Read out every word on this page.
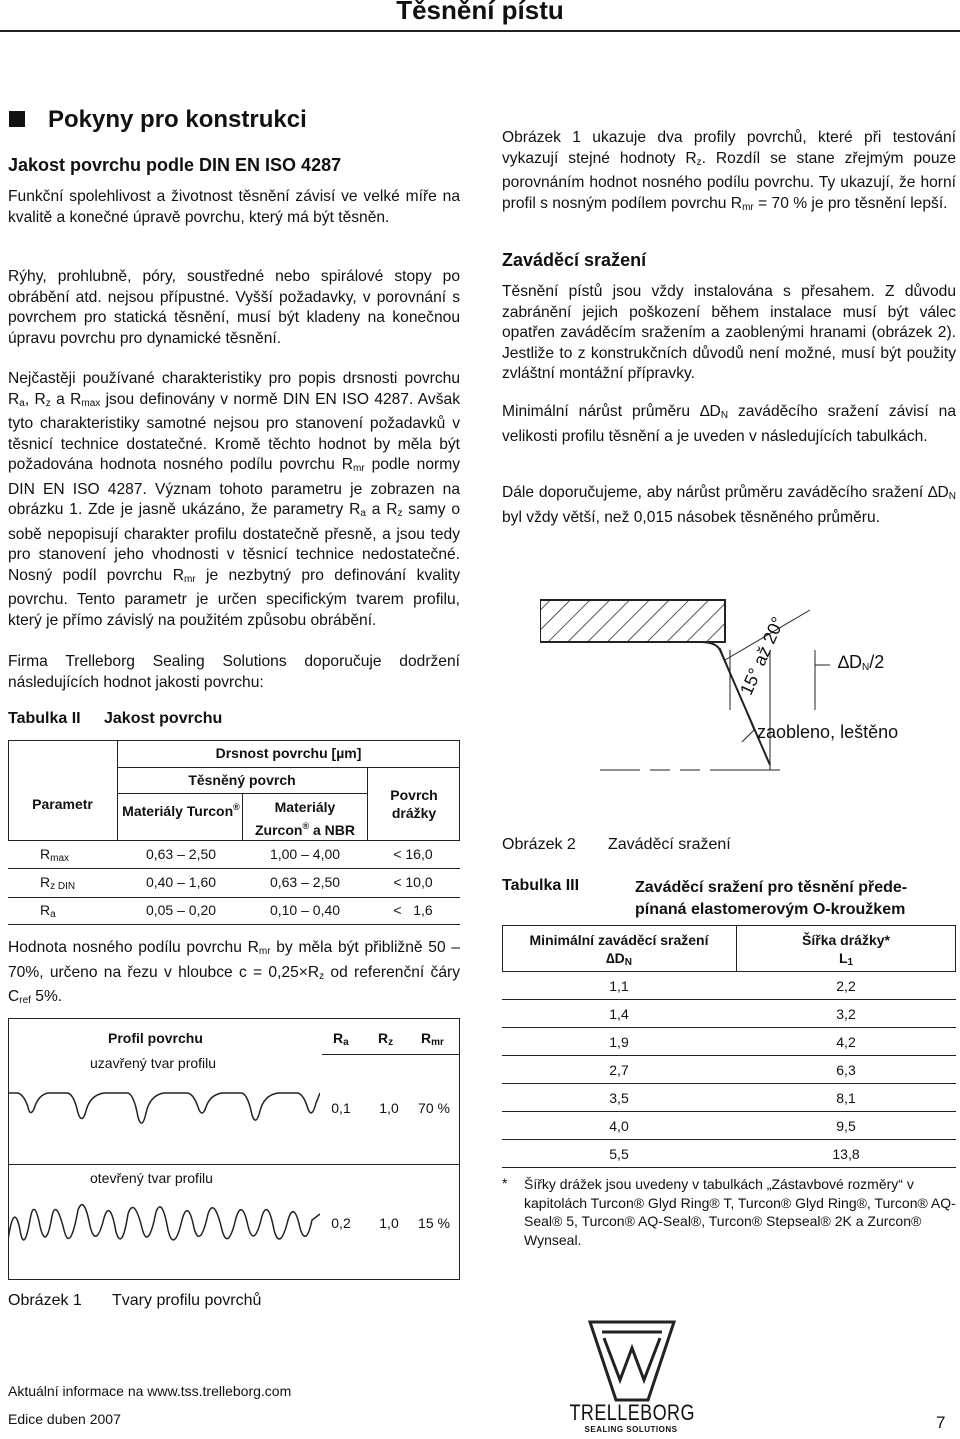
Těsnění pístu
Pokyny pro konstrukci
Jakost povrchu podle DIN EN ISO 4287

Funkční spolehlivost a životnost těsnění závisí ve velké míře na kvalitě a konečné úpravě povrchu, který má být těsněn.

Rýhy, prohlubně, póry, soustředné nebo spirálové stopy po obrábění atd. nejsou přípustné. Vyšší požadavky, v porovnání s povrchem pro statická těsnění, musí být kladeny na konečnou úpravu povrchu pro dynamické těsnění.

Nejčastěji používané charakteristiky pro popis drsnosti povrchu $R_a$, $R_z$ a $R_{max}$ jsou definovány v normě DIN EN ISO 4287. Avšak tyto charakteristiky samotné nejsou pro stanovení požadavků v těsnicí technice dostatečné. Kromě těchto hodnot by měla být požadována hodnota nosného podílu povrchu $R_{mr}$ podle normy DIN EN ISO 4287. Význam tohoto parametru je zobrazen na obrázku 1. Zde je jasně ukázáno, že parametry $R_a$ a $R_z$ samy o sobě nepopisují charakter profilu dostatečně přesně, a jsou tedy pro stanovení jeho vhodnosti v těsnicí technice nedostatečné. Nosný podíl povrchu $R_{mr}$ je nezbytný pro definování kvality povrchu. Tento parametr je určen specifickým tvarem profilu, který je přímo závislý na použitém způsobu obrábění.

Firma Trelleborg Sealing Solutions doporučuje dodržení následujících hodnot jakosti povrchu:

Tabulka II Jakost povrchu
Drsnost povrchu [µm]
Parametr
Těsněný povrch
Povrch drážky
Materiály Turcon®	Materiály
Zurcon® a NBR
$R_{max}$	0,63 – 2,50	1,00 – 4,00	< 16,0
$R_{z DIN}$	0,40 – 1,60	0,63 – 2,50	< 10,0
$R_a$	0,05 – 0,20	0,10 – 0,40	<   1,6

Hodnota nosného podílu povrchu $R_{mr}$ by měla být přibližně 50 – 70%, určeno na řezu v hloubce $c = 0,25\times R_z$ od referenční čáry $C_{ref}$ 5%.

Profil povrchu	$R_a$ $R_z$ $R_{mr}$
uzavřený tvar profilu
0,1	1,0	70 %
otevřený tvar profilu
0,2	1,0	15 %
Obrázek 1 Tvary profilu povrchů

Obrázek 1 ukazuje dva profily povrchů, které při testování vykazují stejné hodnoty $R_z$. Rozdíl se stane zřejmým pouze porovnáním hodnot nosného podílu povrchu. Ty ukazují, že horní profil s nosným podílem povrchu $R_{mr} = 70$ % je pro těsnění lepší.

Zaváděcí sražení

Těsnění pístů jsou vždy instalována s přesahem. Z důvodu zabránění jejich poškození během instalace musí být válec opatřen zaváděcím sražením a zaoblenými hranami (obrázek 2). Jestliže to z konstrukčních důvodů není možné, musí být použity zvláštní montážní přípravky.

Minimální nárůst průměru $\Delta D_N$ zaváděcího sražení závisí na velikosti profilu těsnění a je uveden v následujících tabulkách.

Dále doporučujeme, aby nárůst průměru zaváděcího sražení $\Delta D_N$ byl vždy větší, než 0,015 násobek těsněného průměru.

15° až 20°	$\Delta D_N/2$
zaobleno, leštěno
Obrázek 2 Zaváděcí sražení
Tabulka III	Zaváděcí sražení pro těsnění přede-
pínaná elastomerovým O-kroužkem
Minimální zaváděcí sražení
$\Delta D_N$
Šířka drážky*
$L_1$
1,1	2,2
1,4	3,2
1,9	4,2
2,7	6,3
3,5	8,1
4,0	9,5
5,5	13,8
* Šířky drážek jsou uvedeny v tabulkách „Zástavbové rozměry“ v kapitolách Turcon® Glyd Ring® T, Turcon® Glyd Ring®, Turcon® AQ-Seal® 5, Turcon® AQ-Seal®, Turcon® Stepseal® 2K a Zurcon® Wynseal.
Aktuální informace na www.tss.trelleborg.com
Edice duben 2007	TRELLEBORG
SEALING SOLUTIONS	7
